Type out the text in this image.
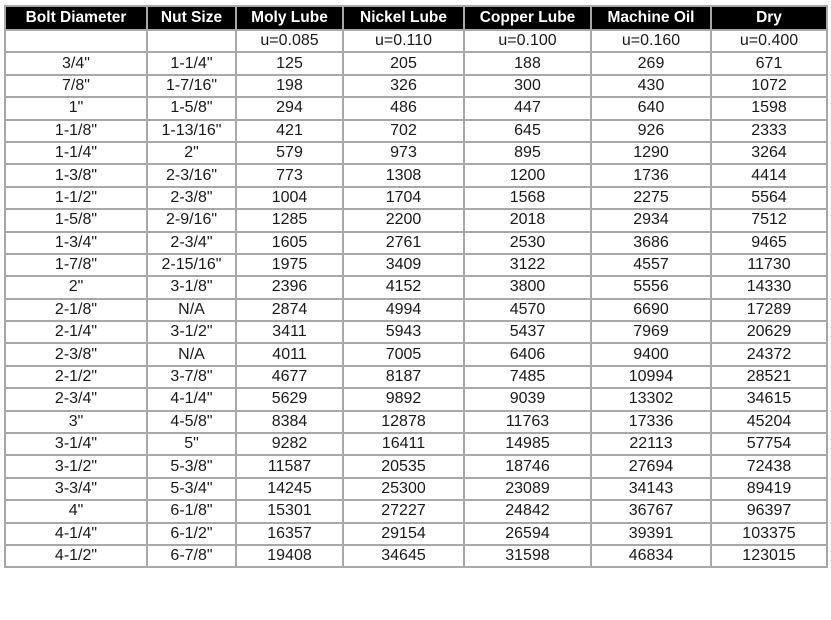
Bolt Diameter	Nut Size	Moly Lube	Nickel Lube	Copper Lube	Machine Oil	Dry
		u=0.085	u=0.110	u=0.100	u=0.160	u=0.400
3/4"	1-1/4"	125	205	188	269	671
7/8"	1-7/16"	198	326	300	430	1072
1"	1-5/8"	294	486	447	640	1598
1-1/8"	1-13/16"	421	702	645	926	2333
1-1/4"	2"	579	973	895	1290	3264
1-3/8"	2-3/16"	773	1308	1200	1736	4414
1-1/2"	2-3/8"	1004	1704	1568	2275	5564
1-5/8"	2-9/16"	1285	2200	2018	2934	7512
1-3/4"	2-3/4"	1605	2761	2530	3686	9465
1-7/8"	2-15/16"	1975	3409	3122	4557	11730
2"	3-1/8"	2396	4152	3800	5556	14330
2-1/8"	N/A	2874	4994	4570	6690	17289
2-1/4"	3-1/2"	3411	5943	5437	7969	20629
2-3/8"	N/A	4011	7005	6406	9400	24372
2-1/2"	3-7/8"	4677	8187	7485	10994	28521
2-3/4"	4-1/4"	5629	9892	9039	13302	34615
3"	4-5/8"	8384	12878	11763	17336	45204
3-1/4"	5"	9282	16411	14985	22113	57754
3-1/2"	5-3/8"	11587	20535	18746	27694	72438
3-3/4"	5-3/4"	14245	25300	23089	34143	89419
4"	6-1/8"	15301	27227	24842	36767	96397
4-1/4"	6-1/2"	16357	29154	26594	39391	103375
4-1/2"	6-7/8"	19408	34645	31598	46834	123015
